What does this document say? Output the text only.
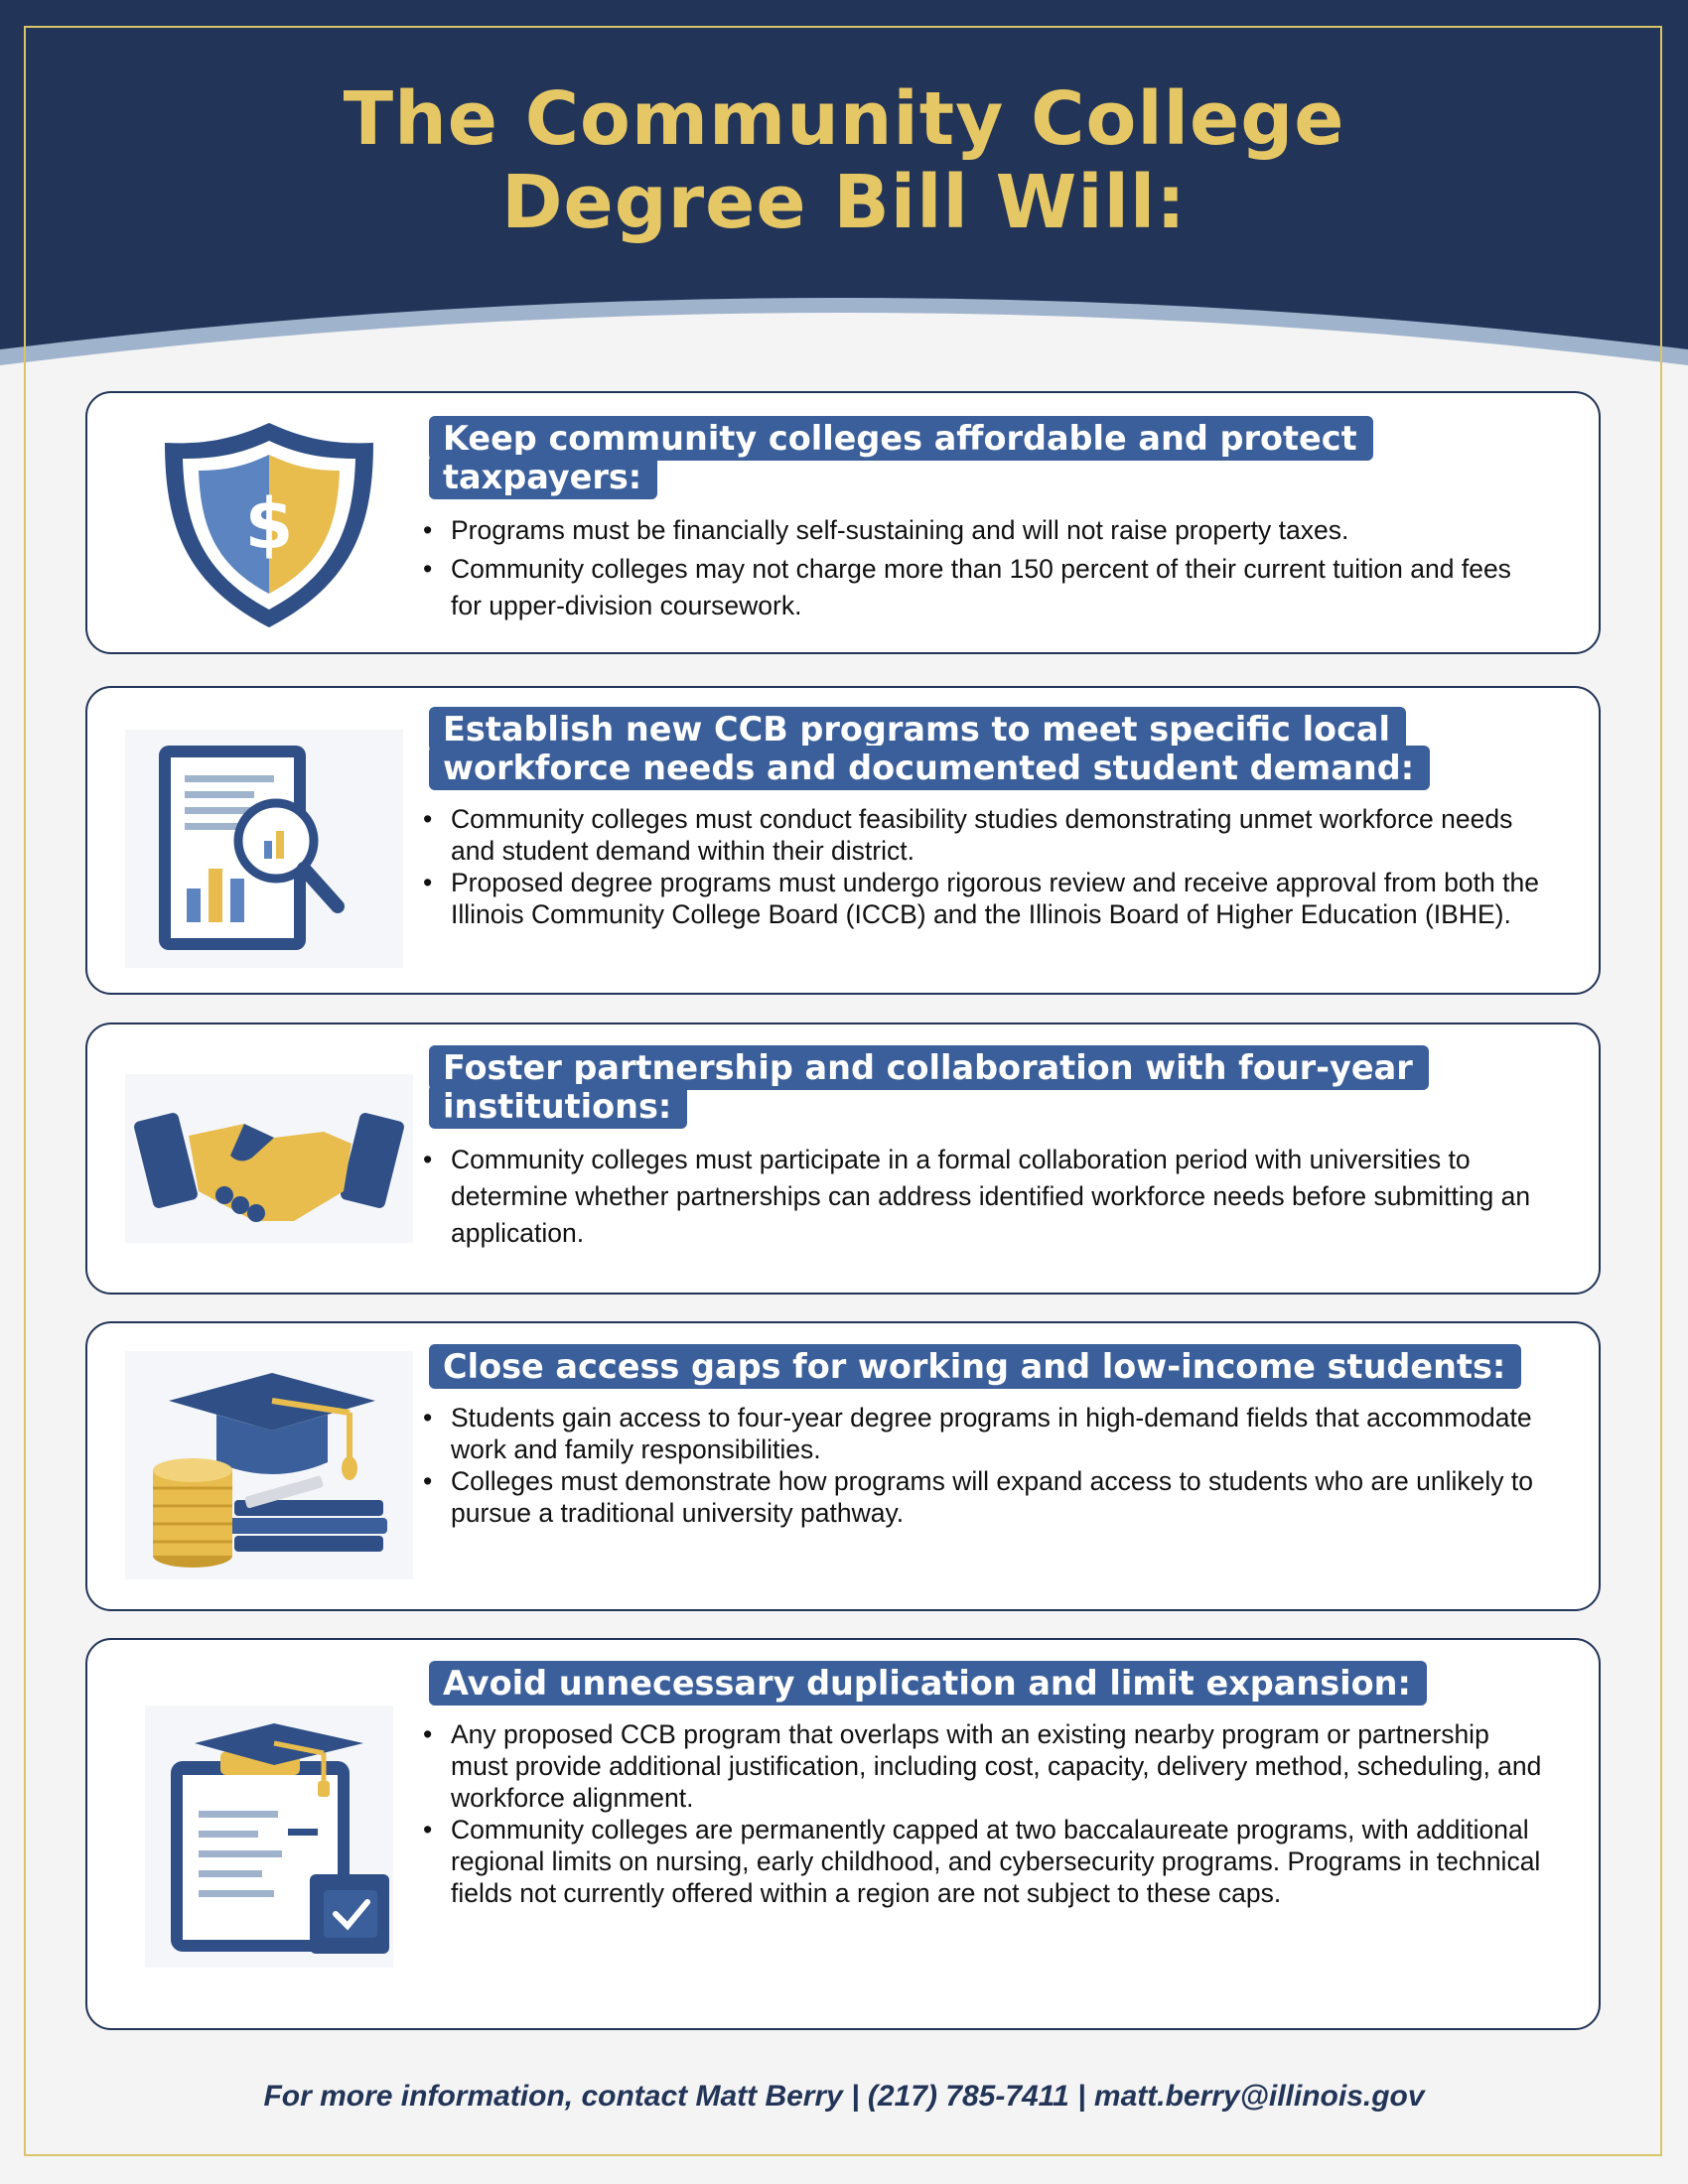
The Community College
Degree Bill Will:
$
Keep community colleges affordable and protect taxpayers:
• Programs must be financially self-sustaining and will not raise property taxes.
• Community colleges may not charge more than 150 percent of their current tuition and fees for upper-division coursework.
Establish new CCB programs to meet specific local workforce needs and documented student demand:
• Community colleges must conduct feasibility studies demonstrating unmet workforce needs and student demand within their district.
• Proposed degree programs must undergo rigorous review and receive approval from both the Illinois Community College Board (ICCB) and the Illinois Board of Higher Education (IBHE).
Foster partnership and collaboration with four-year institutions:
• Community colleges must participate in a formal collaboration period with universities to determine whether partnerships can address identified workforce needs before submitting an application.
Close access gaps for working and low-income students:
• Students gain access to four-year degree programs in high-demand fields that accommodate work and family responsibilities.
• Colleges must demonstrate how programs will expand access to students who are unlikely to pursue a traditional university pathway.
Avoid unnecessary duplication and limit expansion:
• Any proposed CCB program that overlaps with an existing nearby program or partnership must provide additional justification, including cost, capacity, delivery method, scheduling, and workforce alignment.
• Community colleges are permanently capped at two baccalaureate programs, with additional regional limits on nursing, early childhood, and cybersecurity programs. Programs in technical fields not currently offered within a region are not subject to these caps.
For more information, contact Matt Berry | (217) 785-7411 | matt.berry@illinois.gov
